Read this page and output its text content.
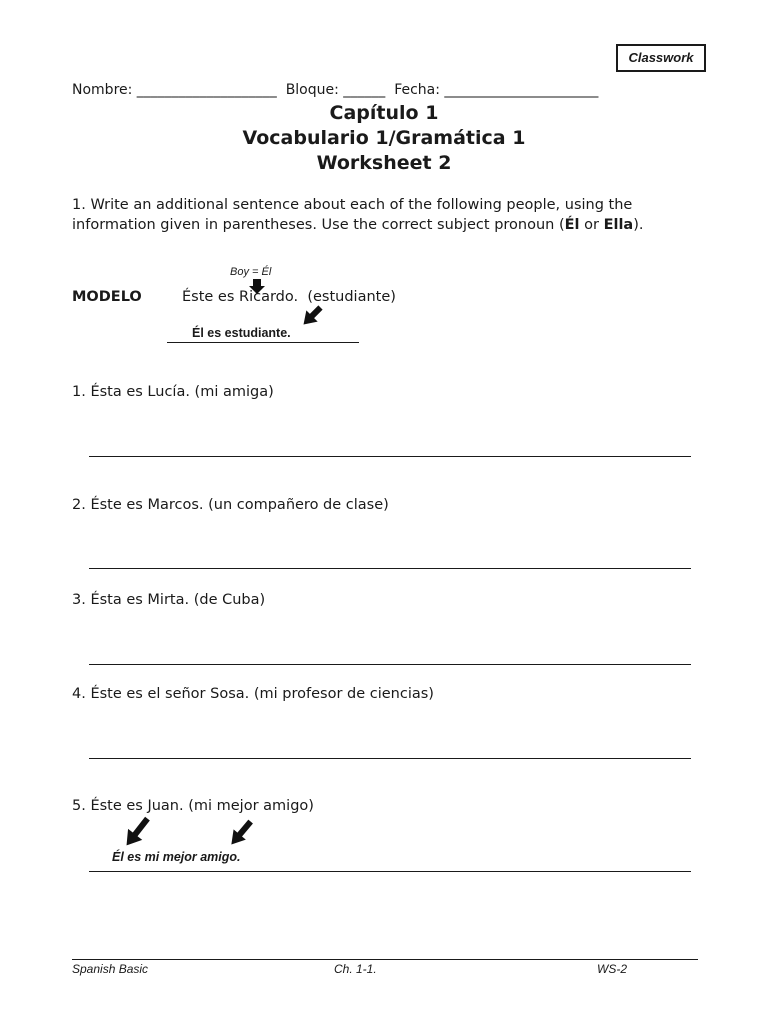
Classwork
Nombre: ____________________  Bloque: ______  Fecha: ______________________
Capítulo 1
Vocabulario 1/Gramática 1
Worksheet 2
1. Write an additional sentence about each of the following people, using the information given in parentheses. Use the correct subject pronoun (Él or Ella).
Boy = Él
MODELO	Éste es Ricardo.  (estudiante)
Él es estudiante.
1. Ésta es Lucía. (mi amiga)
2. Éste es Marcos. (un compañero de clase)
3. Ésta es Mirta. (de Cuba)
4. Éste es el señor Sosa. (mi profesor de ciencias)
5. Éste es Juan. (mi mejor amigo)
Él es mi mejor amigo.
Spanish Basic	Ch. 1-1.	WS-2
